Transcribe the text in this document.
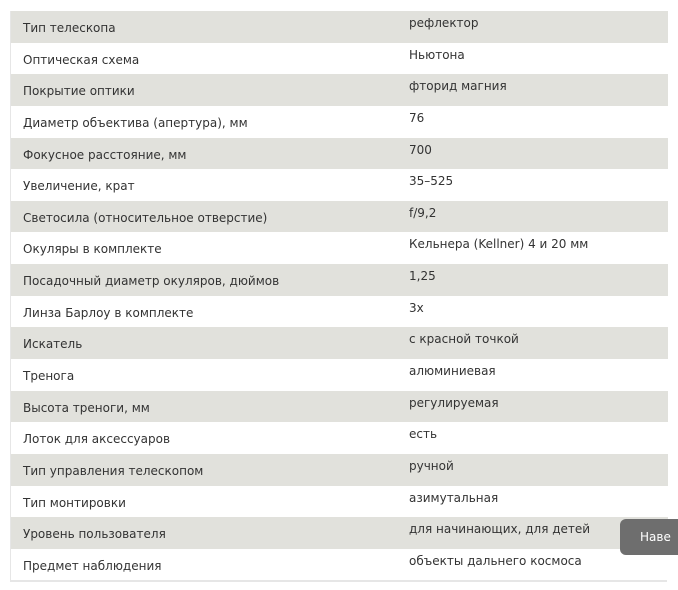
Тип телескопа	рефлектор
Оптическая схема	Ньютона
Покрытие оптики	фторид магния
Диаметр объектива (апертура), мм	76
Фокусное расстояние, мм	700
Увеличение, крат	35–525
Светосила (относительное отверстие)	f/9,2
Окуляры в комплекте	Кельнера (Kellner) 4 и 20 мм
Посадочный диаметр окуляров, дюймов	1,25
Линза Барлоу в комплекте	3x
Искатель	с красной точкой
Тренога	алюминиевая
Высота треноги, мм	регулируемая
Лоток для аксессуаров	есть
Тип управления телескопом	ручной
Тип монтировки	азимутальная
Уровень пользователя	для начинающих, для детей
Предмет наблюдения	объекты дальнего космоса
Наве
